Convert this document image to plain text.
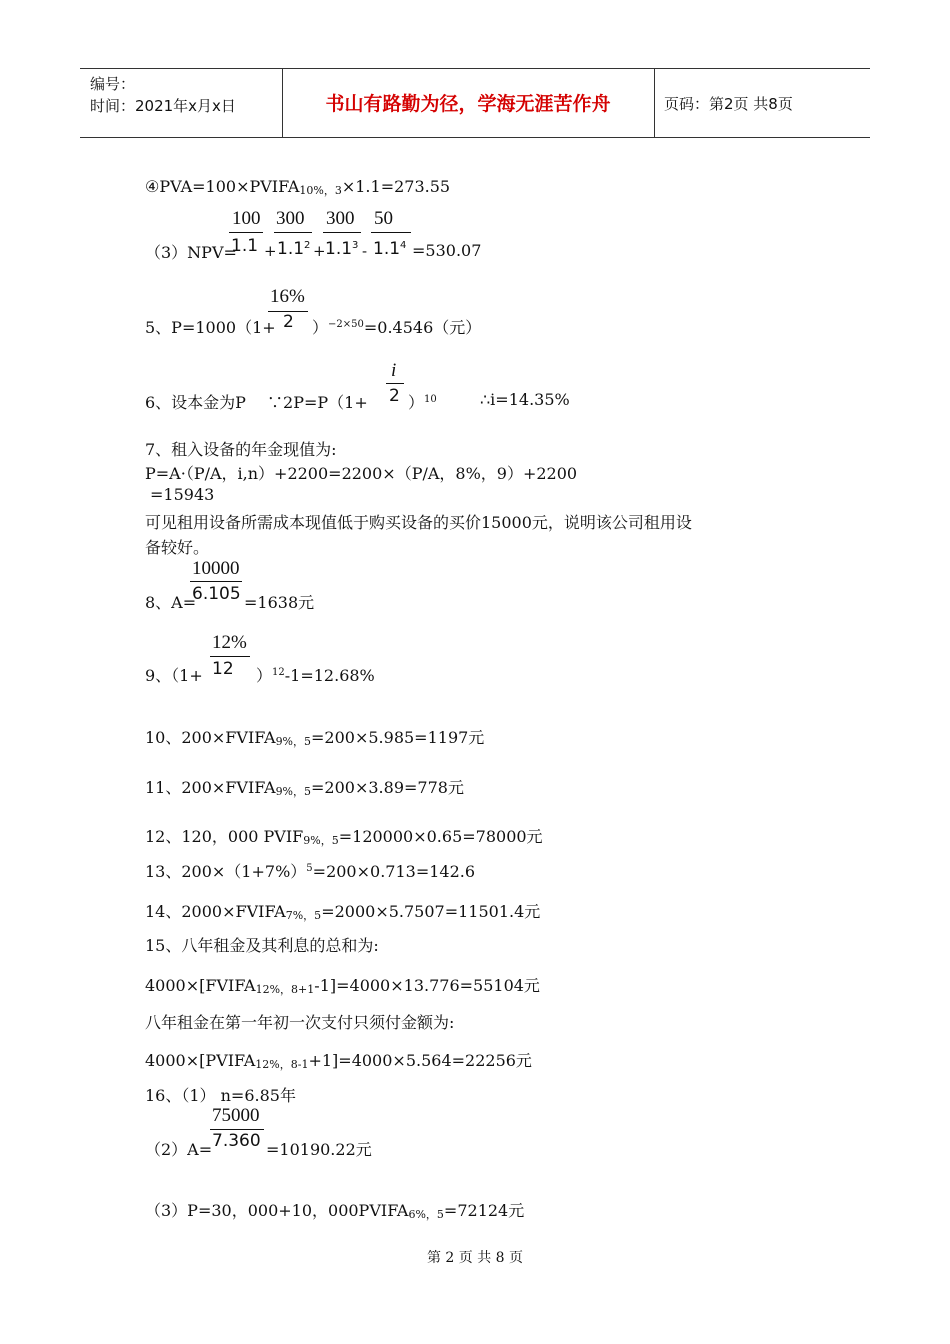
编号：
时间：2021年x月x日	书山有路勤为径，学海无涯苦作舟	页码：第2页 共8页
$④PVA=100\times PVIFA_{10\%,3}\times 1.1=273.55$
100 300 300 50
（3）NPV=
$1.1 + 1.1^2 + 1.1^3 - 1.1^4 =530.07$
16%
2
5、$P=1000(1+ )^{-2\times 50}=0.4546$（元）
i
2
6、设本金为P　 ∵2P=P（1+	）$^{10}$	∴i=14.35%
7、租入设备的年金现值为:
P=A·（P/A，i,n）+2200=2200×（P/A，8%，9）+2200
=15943
可见租用设备所需成本现值低于购买设备的买价15000元，说明该公司租用设
备较好。
10000
6.105
8、A=	=1638元
12%
12
9、（1+	）$^{12}$-1=12.68%
10、$200\times FVIFA_{9\%,5}=200\times 5.985=1197$元
11、$200\times FVIFA_{9\%,5}=200\times 3.89=778$元
12、120，000 $PVIF_{9\%,5}=120000\times 0.65=78000$元
13、$200\times(1+7\%)^5=200\times 0.713=142.6$
14、$2000\times FVIFA_{7\%,5}=2000\times 5.7507=11501.4$元
15、八年租金及其利息的总和为:
$4000\times[FVIFA_{12\%,8+1}-1]=4000\times 13.776=55104$元
八年租金在第一年初一次支付只须付金额为:
$4000\times[PVIFA_{12\%,8-1}+1]=4000\times 5.564=22256$元
16、（1） n=6.85年
75000
7.360
（2）A=	=10190.22元
（3）P=30，000+10，$000PVIFA_{6\%,5}=72124$元
第 2 页 共 8 页
